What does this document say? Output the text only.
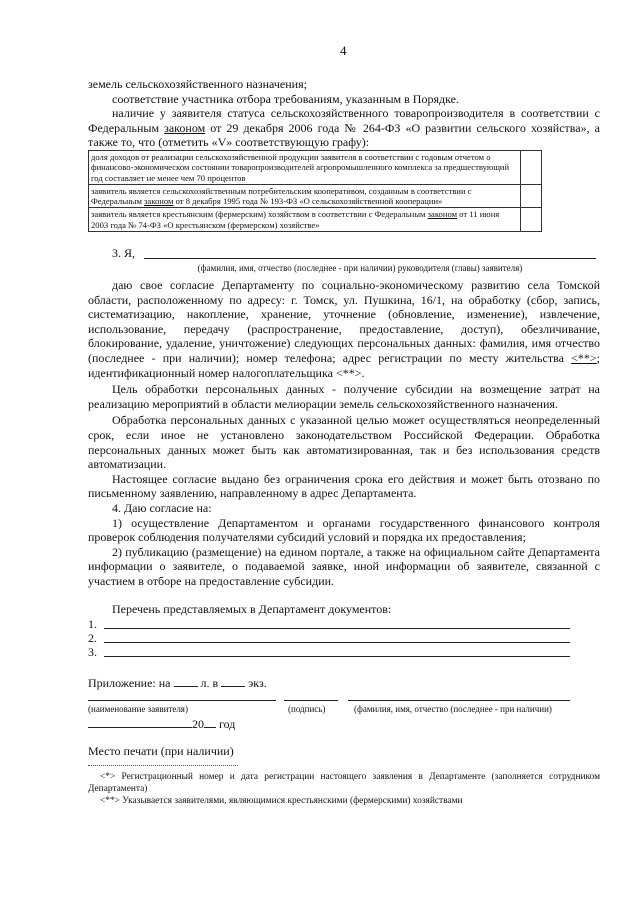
4

земель сельскохозяйственного назначения;

соответствие участника отбора требованиям, указанным в Порядке.

наличие у заявителя статуса сельскохозяйственного товаропроизводителя в соответствии с Федеральным законом от 29 декабря 2006 года № 264-ФЗ «О развитии сельского хозяйства», а также то, что (отметить «V» соответствующую графу):

доля доходов от реализации сельскохозяйственной продукции заявителя в соответствии с годовым отчетом о финансово-экономическом состоянии товаропроизводителей агропромышленного комплекса за предшествующий год составляет не менее чем 70 процентов	
заявитель является сельскохозяйственным потребительским кооперативом, созданным в соответствии с Федеральным законом от 8 декабря 1995 года № 193-ФЗ «О сельскохозяйственной кооперации»	
заявитель является крестьянским (фермерским) хозяйством в соответствии с Федеральным законом от 11 июня 2003 года № 74-ФЗ «О крестьянском (фермерском) хозяйстве»	
3. Я,
(фамилия, имя, отчество (последнее - при наличии) руководителя (главы) заявителя)

даю свое согласие Департаменту по социально-экономическому развитию села Томской области, расположенному по адресу: г. Томск, ул. Пушкина, 16/1, на обработку (сбор, запись, систематизацию, накопление, хранение, уточнение (обновление, изменение), извлечение, использование, передачу (распространение, предоставление, доступ), обезличивание, блокирование, удаление, уничтожение) следующих персональных данных: фамилия, имя отчество (последнее - при наличии); номер телефона; адрес регистрации по месту жительства <**>; идентификационный номер налогоплательщика <**>.

Цель обработки персональных данных - получение субсидии на возмещение затрат на реализацию мероприятий в области мелиорации земель сельскохозяйственного назначения.

Обработка персональных данных с указанной целью может осуществляться неопределенный срок, если иное не установлено законодательством Российской Федерации. Обработка персональных данных может быть как автоматизированная, так и без использования средств автоматизации.

Настоящее согласие выдано без ограничения срока его действия и может быть отозвано по письменному заявлению, направленному в адрес Департамента.

4. Даю согласие на:

1) осуществление Департаментом и органами государственного финансового контроля проверок соблюдения получателями субсидий условий и порядка их предоставления;

2) публикацию (размещение) на едином портале, а также на официальном сайте Департамента информации о заявителе, о подаваемой заявке, иной информации об заявителе, связанной с участием в отборе на предоставление субсидии.

Перечень представляемых в Департамент документов:
1.
2.
3.
Приложение: на	л. в	экз.
(наименование заявителя)	(подпись)	(фамилия, имя, отчество (последнее - при наличии)
20 год
Место печати (при наличии)
<*> Регистрационный номер и дата регистрации настоящего заявления в Департаменте (заполняется сотрудником Департамента)
<**> Указывается заявителями, являющимися крестьянскими (фермерскими) хозяйствами
